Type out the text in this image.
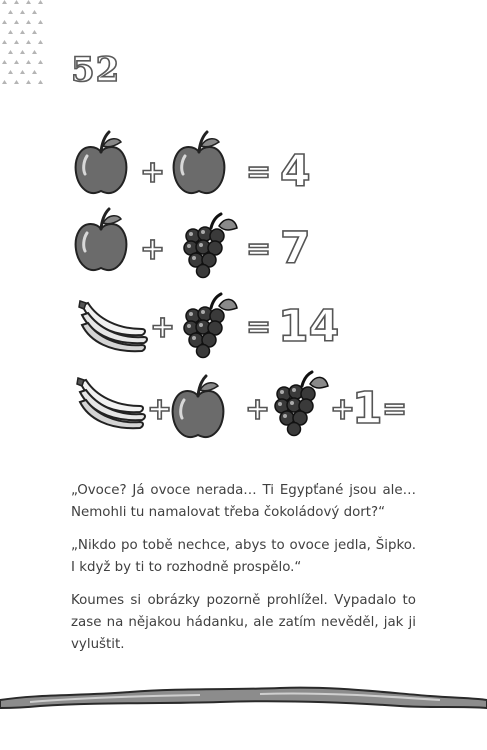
52
+	= 4
+	= 7
+ = 14
+ + +
1 =

„Ovoce? Já ovoce nerada… Ti Egypťané jsou ale… Nemohli tu namalovat třeba čokoládový dort?“

„Nikdo po tobě nechce, abys to ovoce jedla, Šipko. I když by ti to rozhodně prospělo.“

Koumes si obrázky pozorně prohlížel. Vypadalo to zase na nějakou hádanku, ale zatím nevěděl, jak ji vyluštit.
